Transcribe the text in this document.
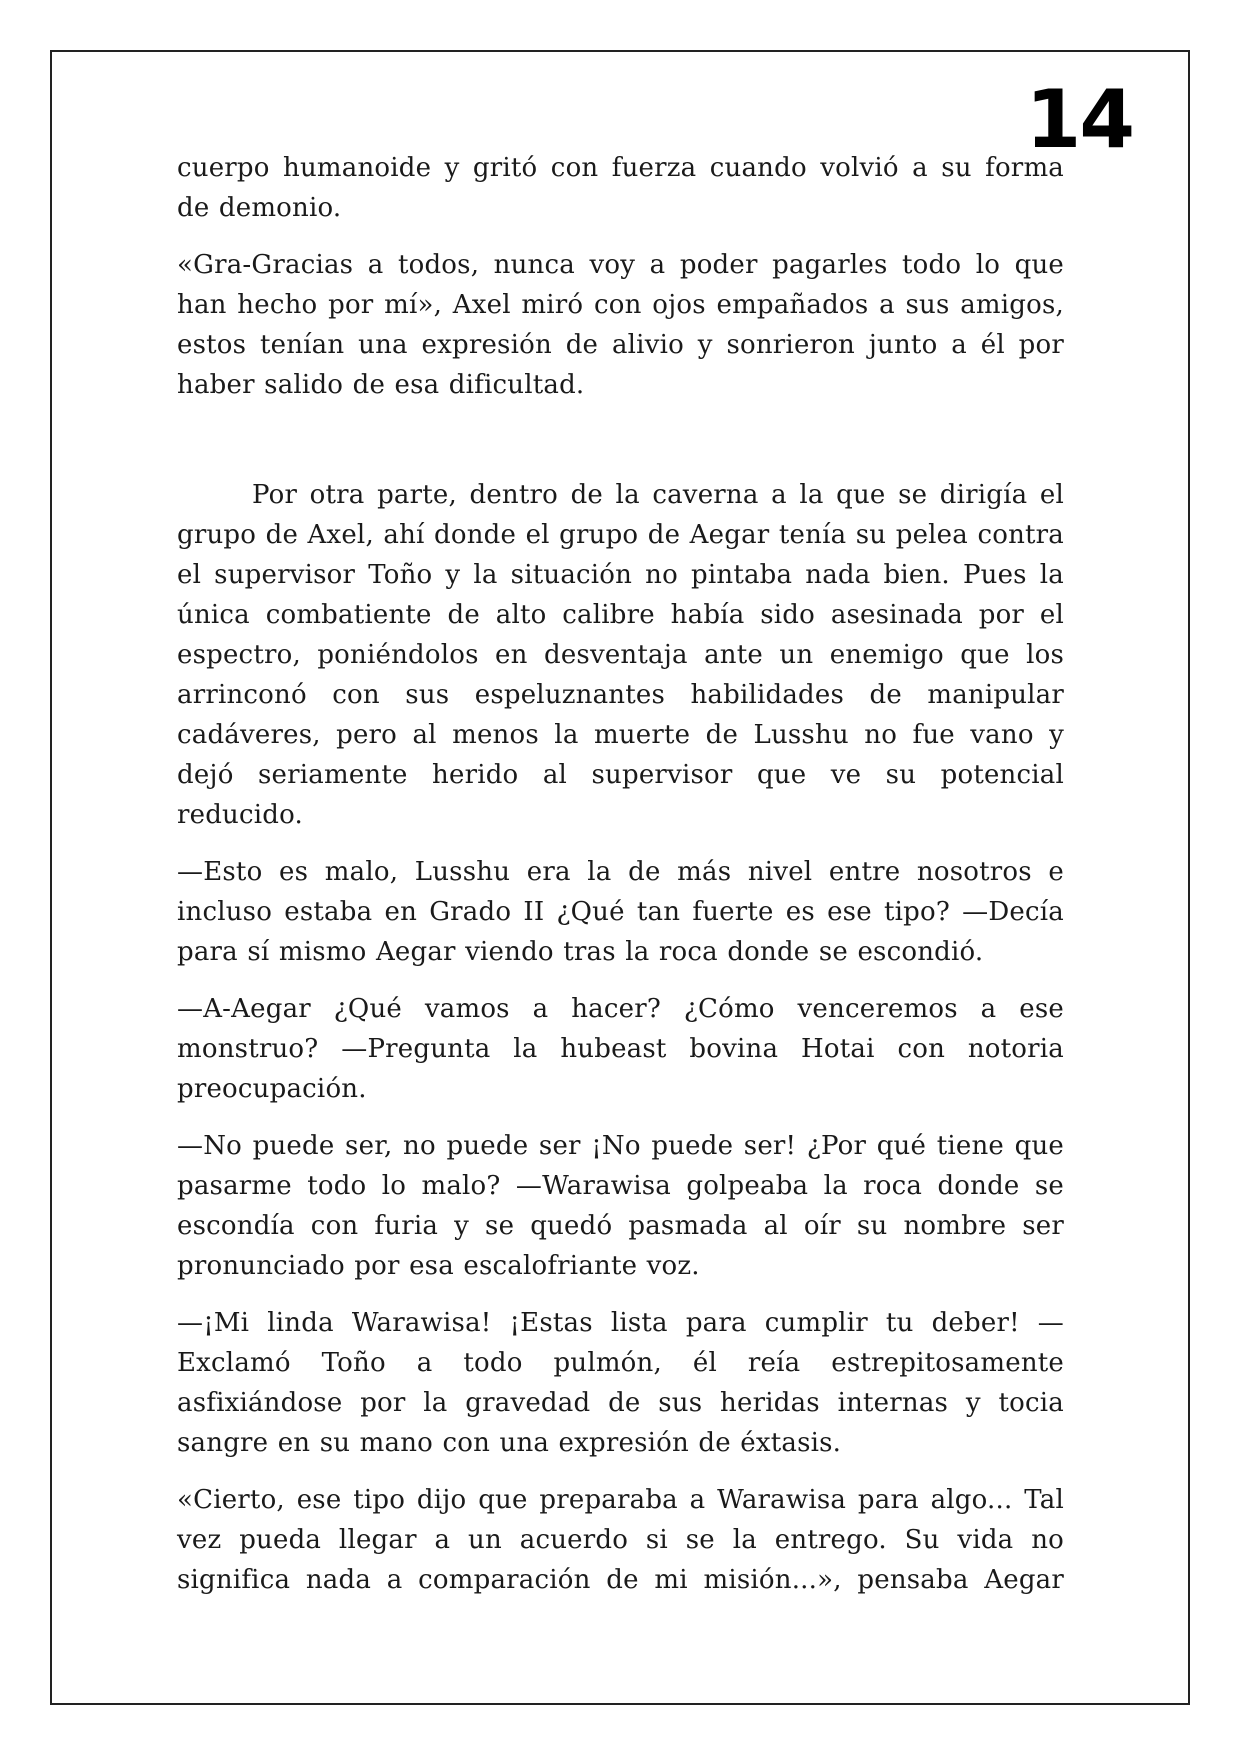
14

cuerpo humanoide y gritó con fuerza cuando volvió a su forma de demonio.

«Gra-Gracias a todos, nunca voy a poder pagarles todo lo que han hecho por mí», Axel miró con ojos empañados a sus amigos, estos tenían una expresión de alivio y sonrieron junto a él por haber salido de esa dificultad.

Por otra parte, dentro de la caverna a la que se dirigía el grupo de Axel, ahí donde el grupo de Aegar tenía su pelea contra el supervisor Toño y la situación no pintaba nada bien. Pues la única combatiente de alto calibre había sido asesinada por el espectro, poniéndolos en desventaja ante un enemigo que los arrinconó con sus espeluznantes habilidades de manipular cadáveres, pero al menos la muerte de Lusshu no fue vano y dejó seriamente herido al supervisor que ve su potencial reducido.

—Esto es malo, Lusshu era la de más nivel entre nosotros e incluso estaba en Grado II ¿Qué tan fuerte es ese tipo? —Decía para sí mismo Aegar viendo tras la roca donde se escondió.

—A-Aegar ¿Qué vamos a hacer? ¿Cómo venceremos a ese monstruo? —Pregunta la hubeast bovina Hotai con notoria preocupación.

—No puede ser, no puede ser ¡No puede ser! ¿Por qué tiene que pasarme todo lo malo? —Warawisa golpeaba la roca donde se escondía con furia y se quedó pasmada al oír su nombre ser pronunciado por esa escalofriante voz.

—¡Mi linda Warawisa! ¡Estas lista para cumplir tu deber! —Exclamó Toño a todo pulmón, él reía estrepitosamente asfixiándose por la gravedad de sus heridas internas y tocia sangre en su mano con una expresión de éxtasis.

«Cierto, ese tipo dijo que preparaba a Warawisa para algo... Tal vez pueda llegar a un acuerdo si se la entrego. Su vida no significa nada a comparación de mi misión...», pensaba Aegar
